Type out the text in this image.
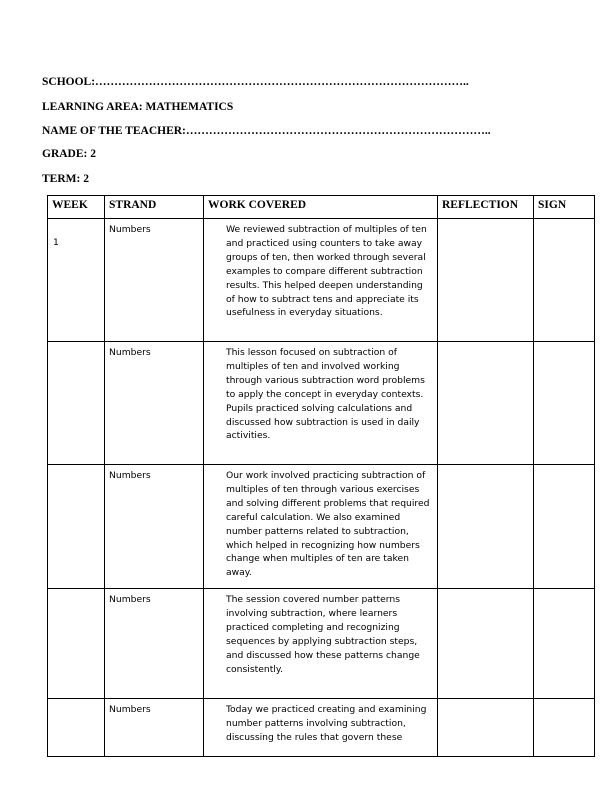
SCHOOL:……………………………………………………………………………………..
LEARNING AREA: MATHEMATICS
NAME OF THE TEACHER:……………………………………………………………………..
GRADE: 2
TERM: 2
WEEK	STRAND	WORK COVERED	REFLECTION	SIGN
1	Numbers	We reviewed subtraction of multiples of ten and practiced using counters to take away groups of ten, then worked through several examples to compare different subtraction results. This helped deepen understanding of how to subtract tens and appreciate its usefulness in everyday situations.		
	Numbers	This lesson focused on subtraction of multiples of ten and involved working through various subtraction word problems to apply the concept in everyday contexts. Pupils practiced solving calculations and discussed how subtraction is used in daily activities.		
	Numbers	Our work involved practicing subtraction of multiples of ten through various exercises and solving different problems that required careful calculation. We also examined number patterns related to subtraction, which helped in recognizing how numbers change when multiples of ten are taken away.		
	Numbers	The session covered number patterns involving subtraction, where learners practiced completing and recognizing sequences by applying subtraction steps, and discussed how these patterns change consistently.		
	Numbers	Today we practiced creating and examining number patterns involving subtraction, discussing the rules that govern these		
